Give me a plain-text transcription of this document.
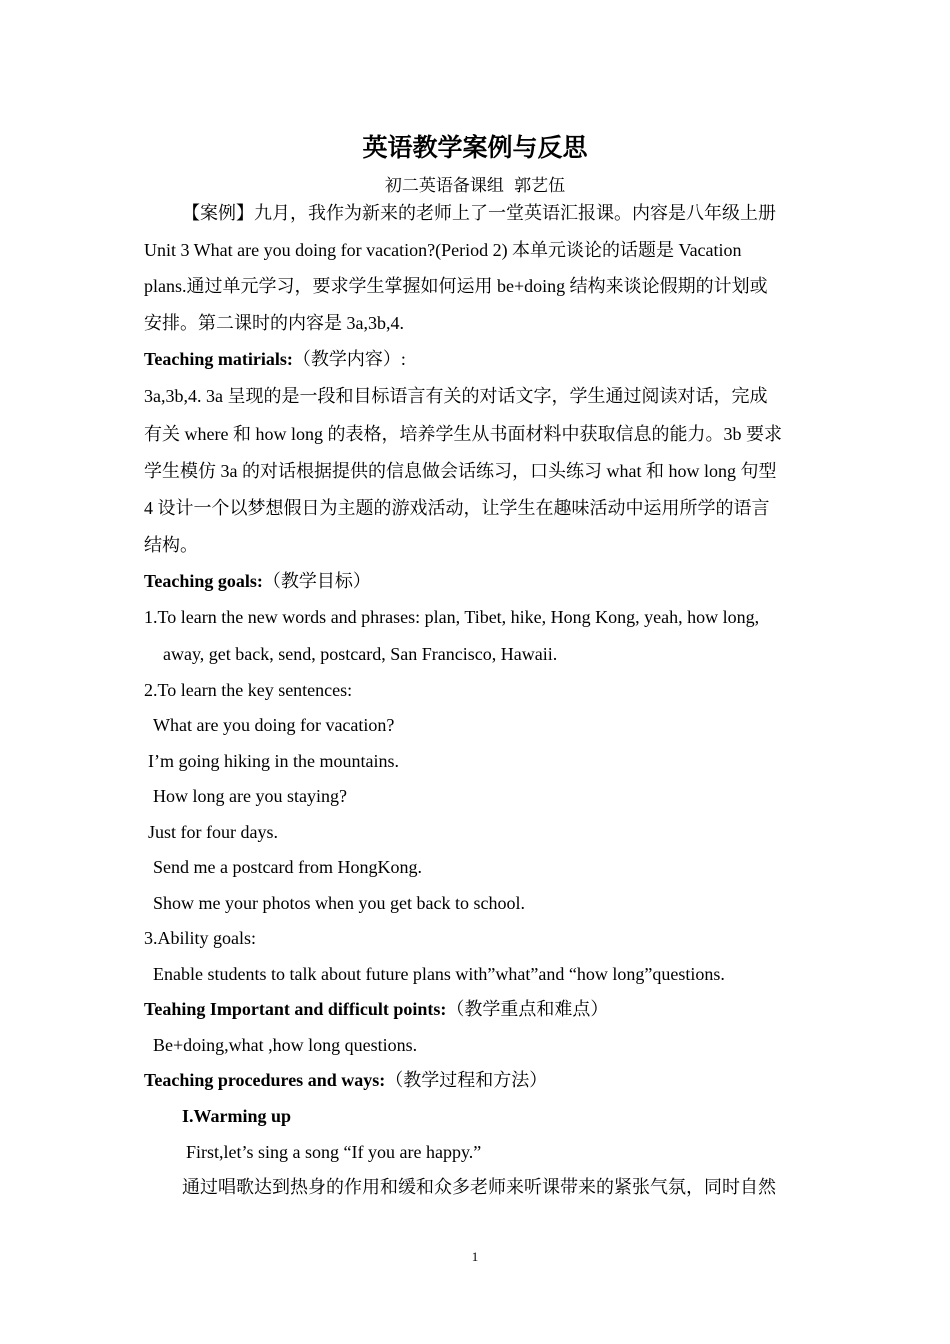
英语教学案例与反思
初二英语备课组 郭艺伍
【案例】九月，我作为新来的老师上了一堂英语汇报课。内容是八年级上册
Unit 3 What are you doing for vacation?(Period 2) 本单元谈论的话题是 Vacation
plans.通过单元学习，要求学生掌握如何运用 be+doing 结构来谈论假期的计划或
安排。第二课时的内容是 3a,3b,4.
Teaching matirials:（教学内容）:
3a,3b,4. 3a 呈现的是一段和目标语言有关的对话文字，学生通过阅读对话，完成
有关 where 和 how long 的表格，培养学生从书面材料中获取信息的能力。3b 要求
学生模仿 3a 的对话根据提供的信息做会话练习，口头练习 what 和 how long 句型
4 设计一个以梦想假日为主题的游戏活动，让学生在趣味活动中运用所学的语言
结构。
Teaching goals:（教学目标）
1.To learn the new words and phrases: plan, Tibet, hike, Hong Kong, yeah, how long,
away, get back, send, postcard, San Francisco, Hawaii.
2.To learn the key sentences:
What are you doing for vacation?
I’m going hiking in the mountains.
How long are you staying?
Just for four days.
Send me a postcard from HongKong.
Show me your photos when you get back to school.
3.Ability goals:
Enable students to talk about future plans with”what”and “how long”questions.
Teahing Important and difficult points:（教学重点和难点）
Be+doing,what ,how long questions.
Teaching procedures and ways:（教学过程和方法）
I.Warming up
First,let’s sing a song “If you are happy.”
通过唱歌达到热身的作用和缓和众多老师来听课带来的紧张气氛，同时自然
1
